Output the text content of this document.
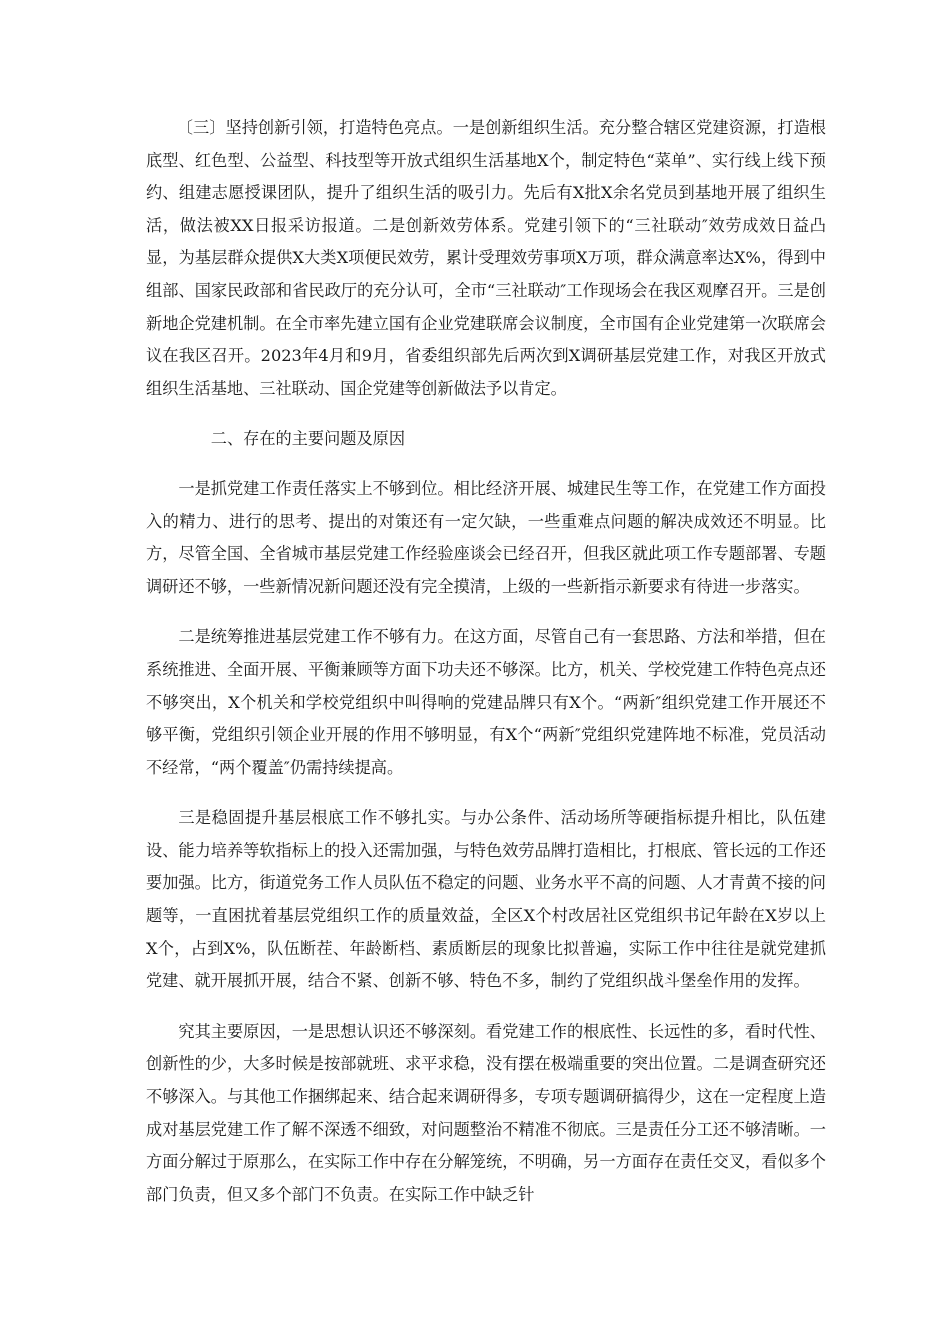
〔三〕坚持创新引领，打造特色亮点。一是创新组织生活。充分整合辖区党建资源，打造根底型、红色型、公益型、科技型等开放式组织生活基地X个，制定特色“菜单”、实行线上线下预约、组建志愿授课团队，提升了组织生活的吸引力。先后有X批X余名党员到基地开展了组织生活，做法被XX日报采访报道。二是创新效劳体系。党建引领下的“三社联动″效劳成效日益凸显，为基层群众提供X大类X项便民效劳，累计受理效劳事项X万项，群众满意率达X%，得到中组部、国家民政部和省民政厅的充分认可，全市“三社联动″工作现场会在我区观摩召开。三是创新地企党建机制。在全市率先建立国有企业党建联席会议制度，全市国有企业党建第一次联席会议在我区召开。2023年4月和9月，省委组织部先后两次到X调研基层党建工作，对我区开放式组织生活基地、三社联动、国企党建等创新做法予以肯定。

二、存在的主要问题及原因

一是抓党建工作责任落实上不够到位。相比经济开展、城建民生等工作，在党建工作方面投入的精力、进行的思考、提出的对策还有一定欠缺，一些重难点问题的解决成效还不明显。比方，尽管全国、全省城市基层党建工作经验座谈会已经召开，但我区就此项工作专题部署、专题调研还不够，一些新情况新问题还没有完全摸清，上级的一些新指示新要求有待进一步落实。

二是统筹推进基层党建工作不够有力。在这方面，尽管自己有一套思路、方法和举措，但在系统推进、全面开展、平衡兼顾等方面下功夫还不够深。比方，机关、学校党建工作特色亮点还不够突出，X个机关和学校党组织中叫得响的党建品牌只有X个。“两新″组织党建工作开展还不够平衡，党组织引领企业开展的作用不够明显，有X个“两新″党组织党建阵地不标准，党员活动不经常，“两个覆盖″仍需持续提高。

三是稳固提升基层根底工作不够扎实。与办公条件、活动场所等硬指标提升相比，队伍建设、能力培养等软指标上的投入还需加强，与特色效劳品牌打造相比，打根底、管长远的工作还要加强。比方，街道党务工作人员队伍不稳定的问题、业务水平不高的问题、人才青黄不接的问题等，一直困扰着基层党组织工作的质量效益，全区X个村改居社区党组织书记年龄在X岁以上X个，占到X%，队伍断茬、年龄断档、素质断层的现象比拟普遍，实际工作中往往是就党建抓党建、就开展抓开展，结合不紧、创新不够、特色不多，制约了党组织战斗堡垒作用的发挥。

究其主要原因，一是思想认识还不够深刻。看党建工作的根底性、长远性的多，看时代性、创新性的少，大多时候是按部就班、求平求稳，没有摆在极端重要的突出位置。二是调查研究还不够深入。与其他工作捆绑起来、结合起来调研得多，专项专题调研搞得少，这在一定程度上造成对基层党建工作了解不深透不细致，对问题整治不精准不彻底。三是责任分工还不够清晰。一方面分解过于原那么，在实际工作中存在分解笼统，不明确，另一方面存在责任交叉，看似多个部门负责，但又多个部门不负责。在实际工作中缺乏针
